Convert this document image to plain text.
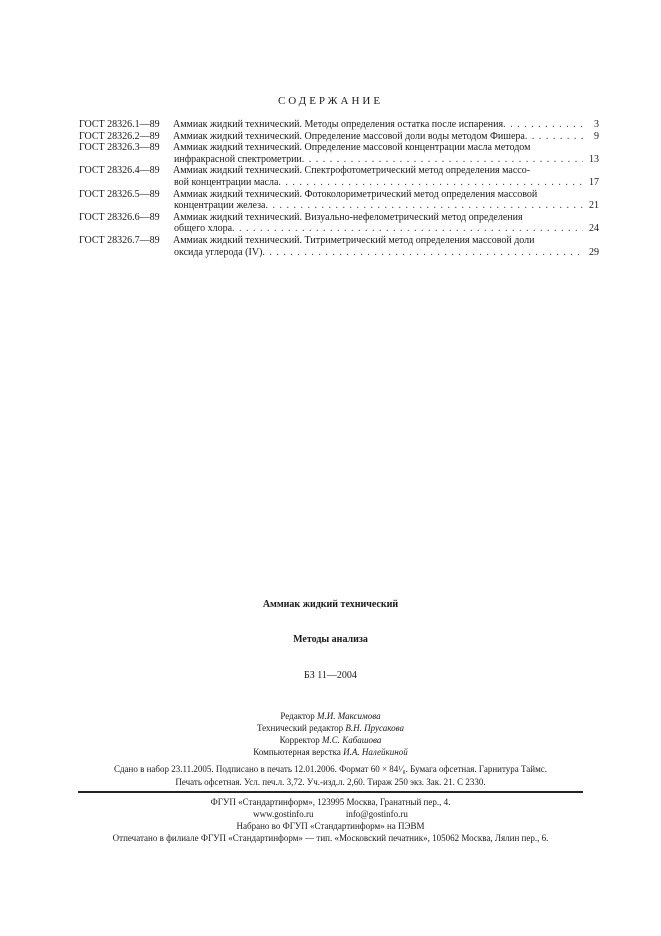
СОДЕРЖАНИЕ
ГОСТ 28326.1—89	Аммиак жидкий технический. Методы определения остатка после испарения . . .	3
ГОСТ 28326.2—89	Аммиак жидкий технический. Определение массовой доли воды методом Фишера . . .	9
ГОСТ 28326.3—89	Аммиак жидкий технический. Определение массовой концентрации масла методом
инфракрасной спектрометрии . . .	13
ГОСТ 28326.4—89	Аммиак жидкий технический. Спектрофотометрический метод определения массо-
вой концентрации масла . . .	17
ГОСТ 28326.5—89	Аммиак жидкий технический. Фотоколориметрический метод определения массовой
концентрации железа . . .	21
ГОСТ 28326.6—89	Аммиак жидкий технический. Визуально-нефелометрический метод определения
общего хлора . . .	24
ГОСТ 28326.7—89	Аммиак жидкий технический. Титриметрический метод определения массовой доли
оксида углерода (IV) . . .	29
Аммиак жидкий технический
Методы анализа
БЗ 11—2004
Редактор М.И. Максимова
Технический редактор В.Н. Прусакова
Корректор М.С. Кабашова
Компьютерная верстка И.А. Налейкиной
Сдано в набор 23.11.2005. Подписано в печать 12.01.2006. Формат 60 × 84¹⁄₈. Бумага офсетная. Гарнитура Таймс.
Печать офсетная. Усл. печ.л. 3,72. Уч.-изд.л. 2,60. Тираж 250 экз. Зак. 21. С 2330.
ФГУП «Стандартинформ», 123995 Москва, Гранатный пер., 4.
www.gostinfo.ru	info@gostinfo.ru
Набрано во ФГУП «Стандартинформ» на ПЭВМ
Отпечатано в филиале ФГУП «Стандартинформ» — тип. «Московский печатник», 105062 Москва, Лялин пер., 6.
